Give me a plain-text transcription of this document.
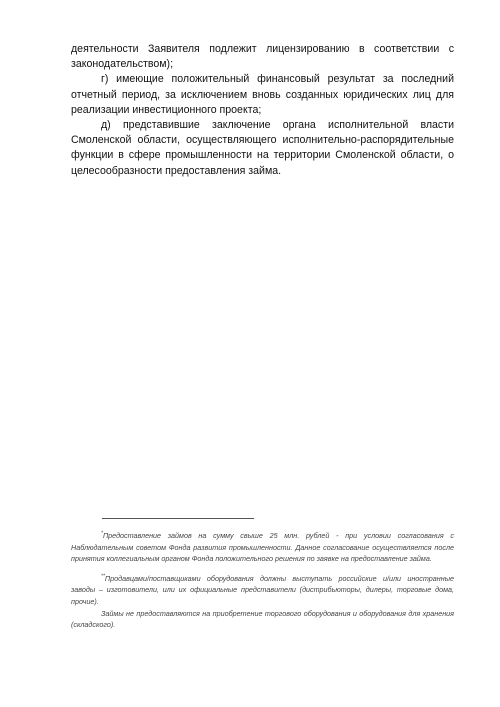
деятельности Заявителя подлежит лицензированию в соответствии с законодательством);

г) имеющие положительный финансовый результат за последний отчетный период, за исключением вновь созданных юридических лиц для реализации инвестиционного проекта;

д) представившие заключение органа исполнительной власти Смоленской области, осуществляющего исполнительно-распорядительные функции в сфере промышленности на территории Смоленской области, о целесообразности предоставления займа.

*Предоставление займов на сумму свыше 25 млн. рублей - при условии согласования с Наблюдательным советом Фонда развития промышленности. Данное согласование осуществляется после принятия коллегиальным органом Фонда положительного решения по заявке на предоставление займа.

**Продавцами/поставщиками оборудования должны выступать российские и/или иностранные заводы – изготовители, или их официальные представители (дистрибьюторы, дилеры, торговые дома, прочие).

Займы не предоставляются на приобретение торгового оборудования и оборудования для хранения (складского).
